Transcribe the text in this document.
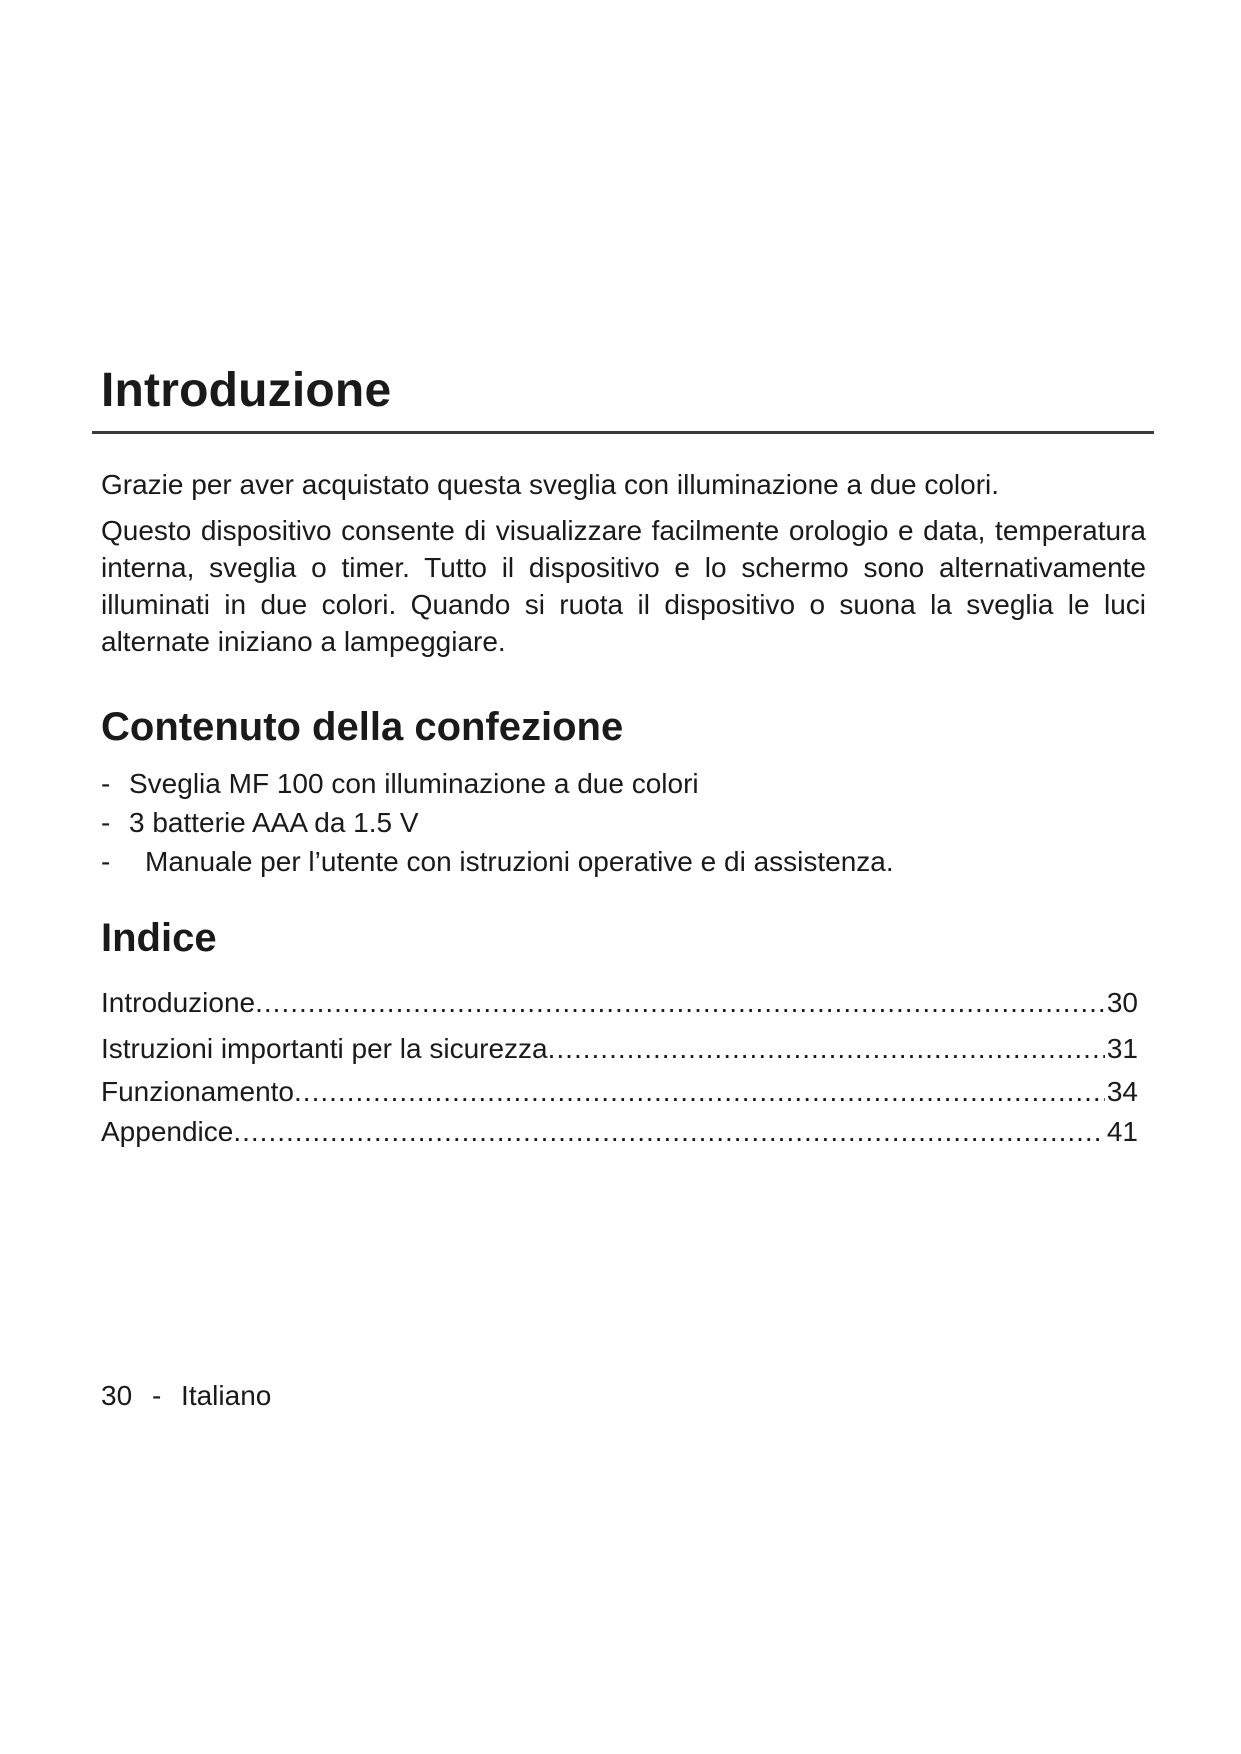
Introduzione

Grazie per aver acquistato questa sveglia con illuminazione a due colori.

Questo dispositivo consente di visualizzare facilmente orologio e data, temperatura interna, sveglia o timer. Tutto il dispositivo e lo schermo sono alternativamente illuminati in due colori. Quando si ruota il dispositivo o suona la sveglia le luci alternate iniziano a lampeggiare.

Contenuto della confezione
- Sveglia MF 100 con illuminazione a due colori
- 3 batterie AAA da 1.5 V
- Manuale per l’utente con istruzioni operative e di assistenza.
Indice
Introduzione .....	30
Istruzioni importanti per la sicurezza .....	31
Funzionamento .....	34
Appendice .....	41
30 - Italiano
